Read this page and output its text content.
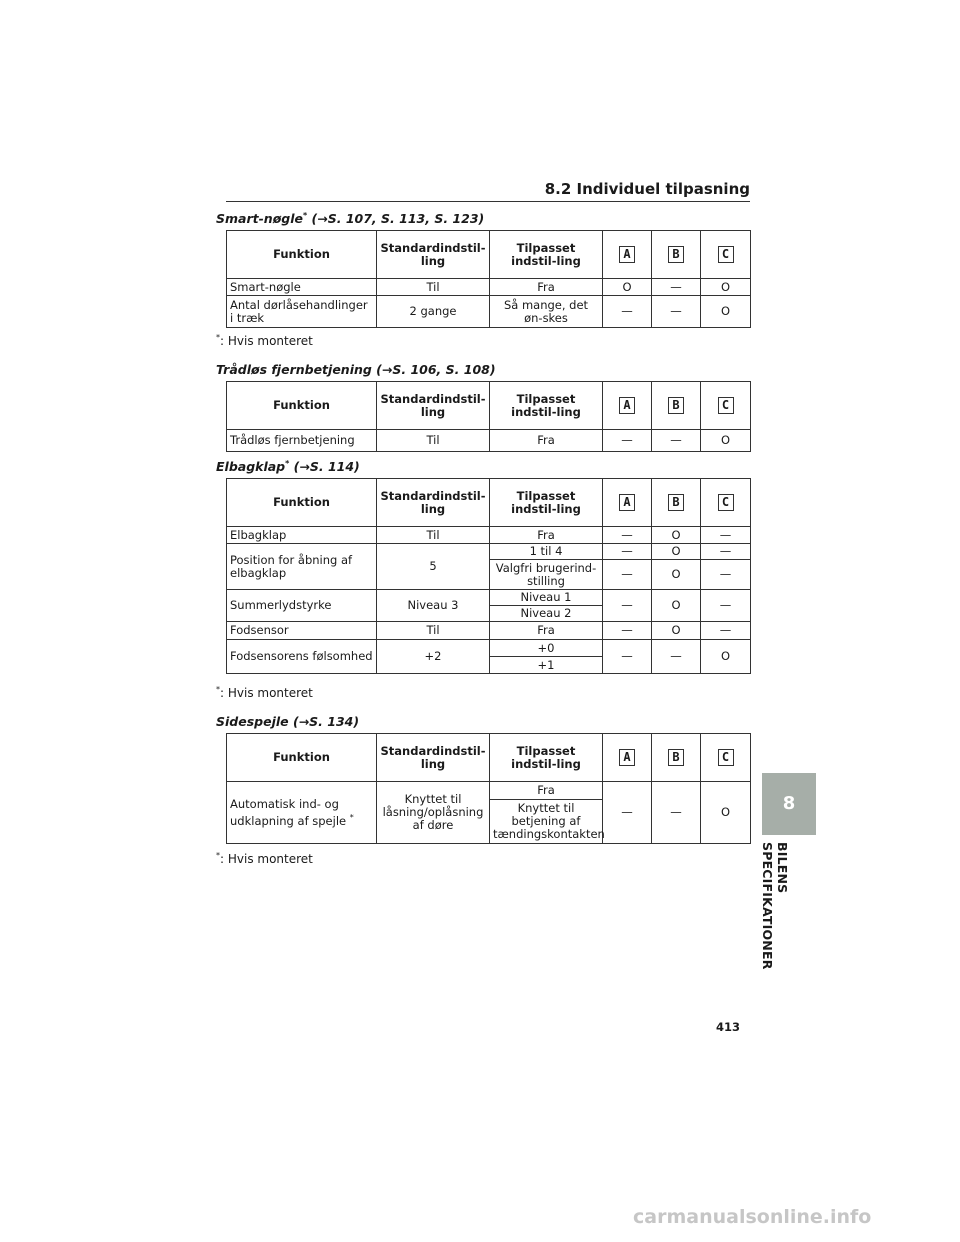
8.2 Individuel tilpasning
Smart-nøgle* (→S. 107, S. 113, S. 123)
Funktion	Standardindstil-ling	Tilpasset indstil-ling	A	B	C
Smart-nøgle	Til	Fra	O	—	O
Antal dørlåsehandlinger i træk	2 gange	Så mange, det øn-skes	—	—	O
*: Hvis monteret
Trådløs fjernbetjening (→S. 106, S. 108)
Funktion	Standardindstil-ling	Tilpasset indstil-ling	A	B	C
Trådløs fjernbetjening	Til	Fra	—	—	O
Elbagklap* (→S. 114)
Funktion	Standardindstil-ling	Tilpasset indstil-ling	A	B	C
Elbagklap	Til	Fra	—	O	—
Position for åbning af elbagklap	5	1 til 4	—	O	—
		Valgfri brugerind-stilling	—	O	—
Summerlydstyrke	Niveau 3	Niveau 1	—	O	—
		Niveau 2			
Fodsensor	Til	Fra	—	O	—
Fodsensorens følsomhed	+2	+0	—	—	O
		+1			
*: Hvis monteret
Sidespejle (→S. 134)
Funktion	Standardindstil-ling	Tilpasset indstil-ling	A	B	C
Automatisk ind- og udklapning af spejle *	Knyttet til låsning/oplåsning af døre	Fra	—	—	O
		Knyttet til betjening af tændingskontakten			
*: Hvis monteret
8
BILENS SPECIFIKATIONER
413
carmanualsonline.info
